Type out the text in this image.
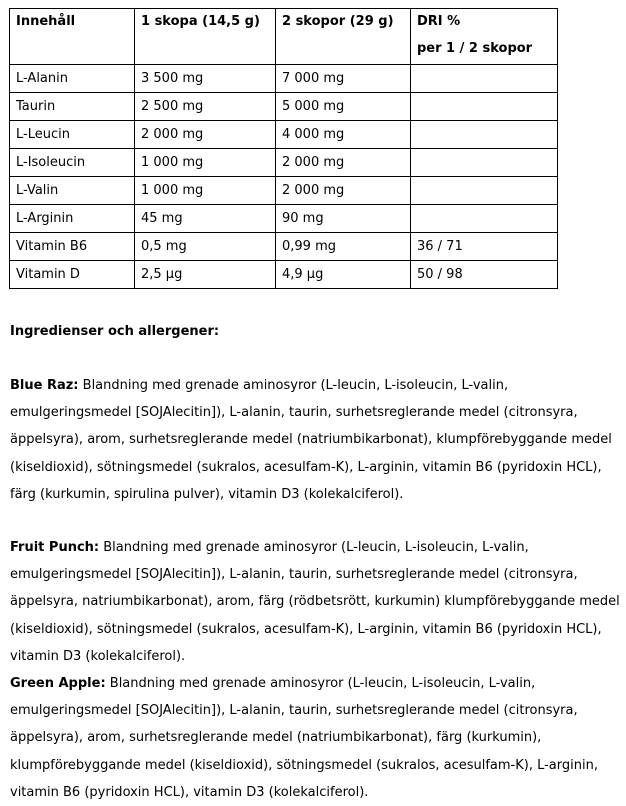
Innehåll	1 skopa (14,5 g)	2 skopor (29 g)	DRI %
per 1 / 2 skopor

L-Alanin	3 500 mg	7 000 mg	
Taurin	2 500 mg	5 000 mg	
L-Leucin	2 000 mg	4 000 mg	
L-Isoleucin	1 000 mg	2 000 mg	
L-Valin	1 000 mg	2 000 mg	
L-Arginin	45 mg	90 mg	
Vitamin B6	0,5 mg	0,99 mg	36 / 71
Vitamin D	2,5 µg	4,9 µg	50 / 98
Ingredienser och allergener:
Blue Raz: Blandning med grenade aminosyror (L-leucin, L-isoleucin, L-valin, emulgeringsmedel [SOJAlecitin]), L-alanin, taurin, surhetsreglerande medel (citronsyra, äppelsyra), arom, surhetsreglerande medel (natriumbikarbonat), klumpförebyggande medel (kiseldioxid), sötningsmedel (sukralos, acesulfam-K), L-arginin, vitamin B6 (pyridoxin HCL), färg (kurkumin, spirulina pulver), vitamin D3 (kolekalciferol).
Fruit Punch: Blandning med grenade aminosyror (L-leucin, L-isoleucin, L-valin, emulgeringsmedel [SOJAlecitin]), L-alanin, taurin, surhetsreglerande medel (citronsyra, äppelsyra, natriumbikarbonat), arom, färg (rödbetsrött, kurkumin) klumpförebyggande medel (kiseldioxid), sötningsmedel (sukralos, acesulfam-K), L-arginin, vitamin B6 (pyridoxin HCL), vitamin D3 (kolekalciferol).
Green Apple: Blandning med grenade aminosyror (L-leucin, L-isoleucin, L-valin, emulgeringsmedel [SOJAlecitin]), L-alanin, taurin, surhetsreglerande medel (citronsyra, äppelsyra), arom, surhetsreglerande medel (natriumbikarbonat), färg (kurkumin), klumpförebyggande medel (kiseldioxid), sötningsmedel (sukralos, acesulfam-K), L-arginin, vitamin B6 (pyridoxin HCL), vitamin D3 (kolekalciferol).
